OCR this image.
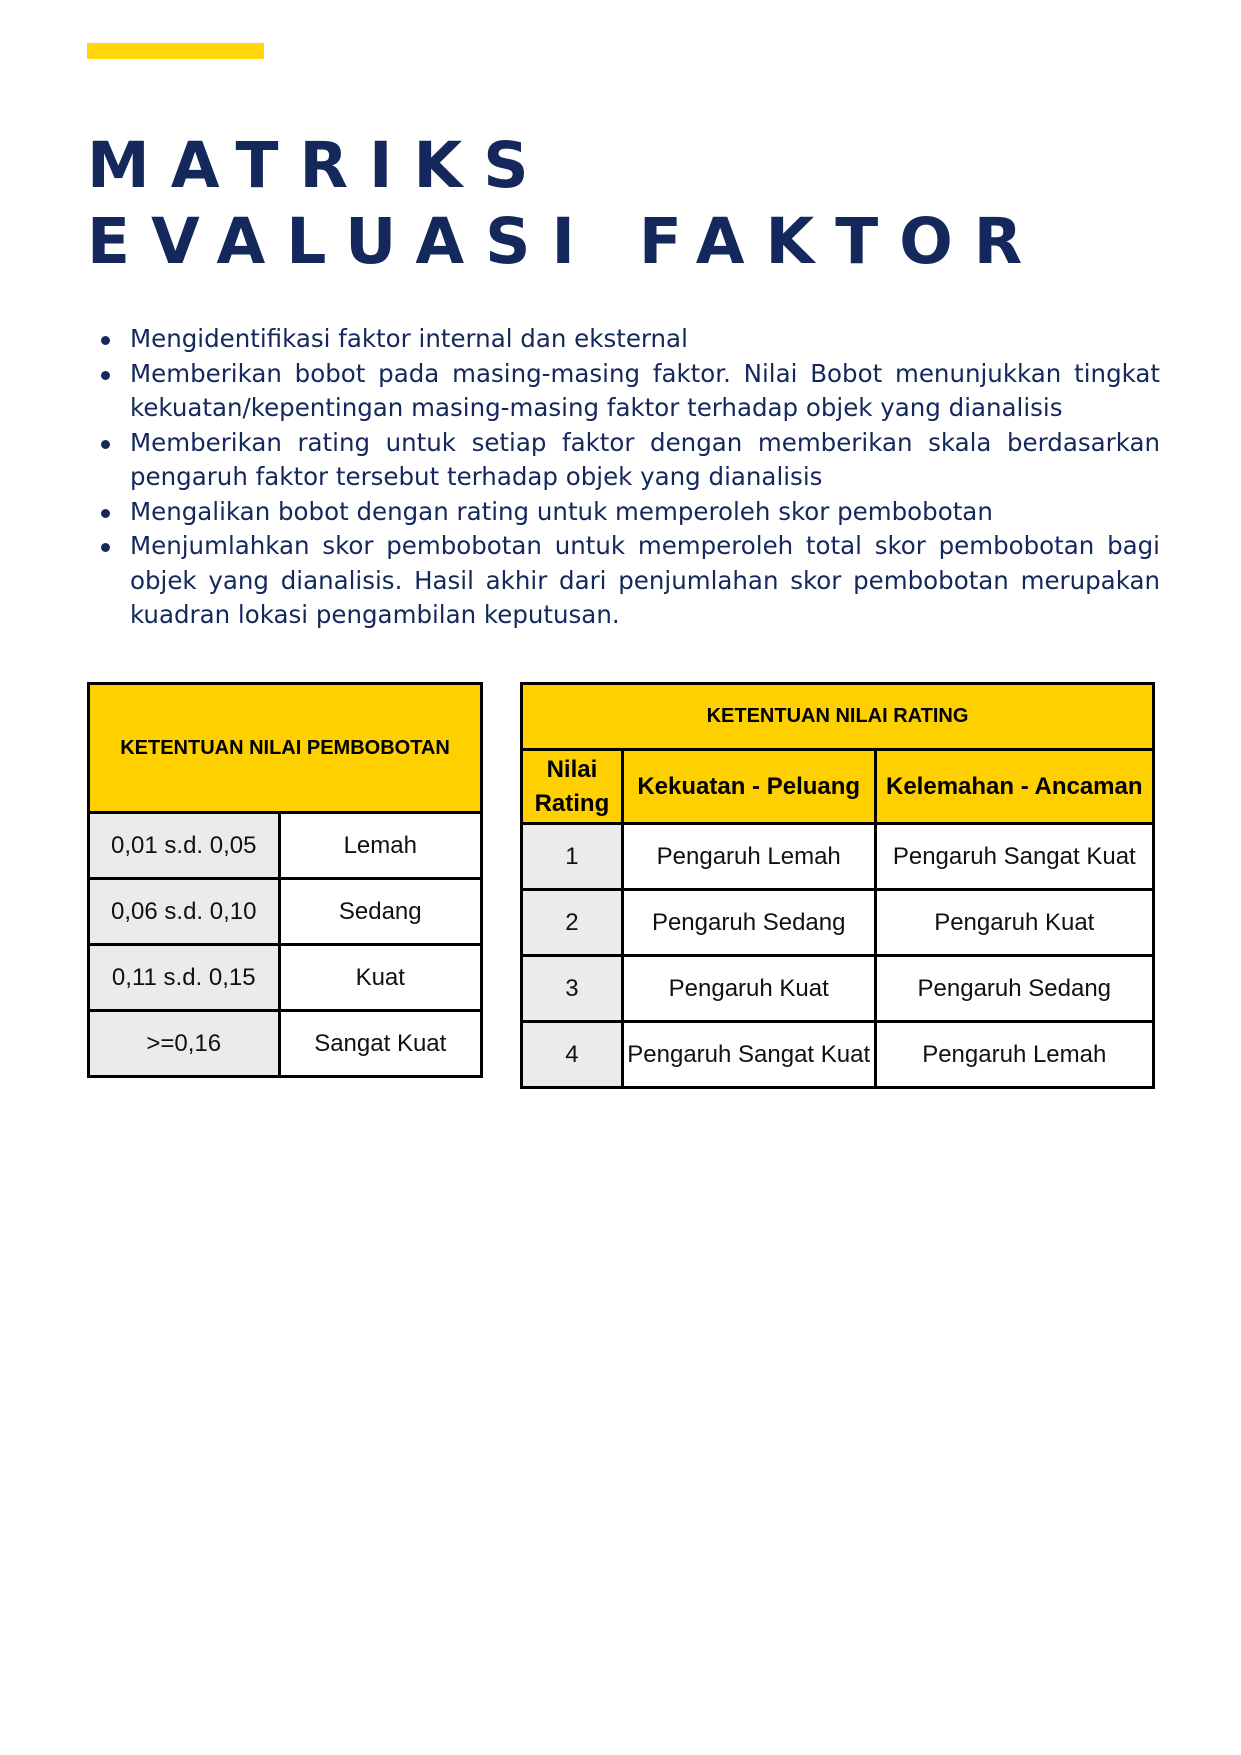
MATRIKS
EVALUASI FAKTOR
Mengidentifikasi faktor internal dan eksternal
Memberikan bobot pada masing-masing faktor. Nilai Bobot menunjukkan tingkat kekuatan/kepentingan masing-masing faktor terhadap objek yang dianalisis
Memberikan rating untuk setiap faktor dengan memberikan skala berdasarkan pengaruh faktor tersebut terhadap objek yang dianalisis
Mengalikan bobot dengan rating untuk memperoleh skor pembobotan
Menjumlahkan skor pembobotan untuk memperoleh total skor pembobotan bagi objek yang dianalisis. Hasil akhir dari penjumlahan skor pembobotan merupakan kuadran lokasi pengambilan keputusan.
KETENTUAN NILAI PEMBOBOTAN	
0,01 s.d. 0,05	Lemah
0,06 s.d. 0,10	Sedang
0,11 s.d. 0,15	Kuat
>=0,16	Sangat Kuat
KETENTUAN NILAI RATING		
Nilai
Rating	Kekuatan - Peluang	Kelemahan - Ancaman
1	Pengaruh Lemah	Pengaruh Sangat Kuat
2	Pengaruh Sedang	Pengaruh Kuat
3	Pengaruh Kuat	Pengaruh Sedang
4	Pengaruh Sangat Kuat	Pengaruh Lemah
